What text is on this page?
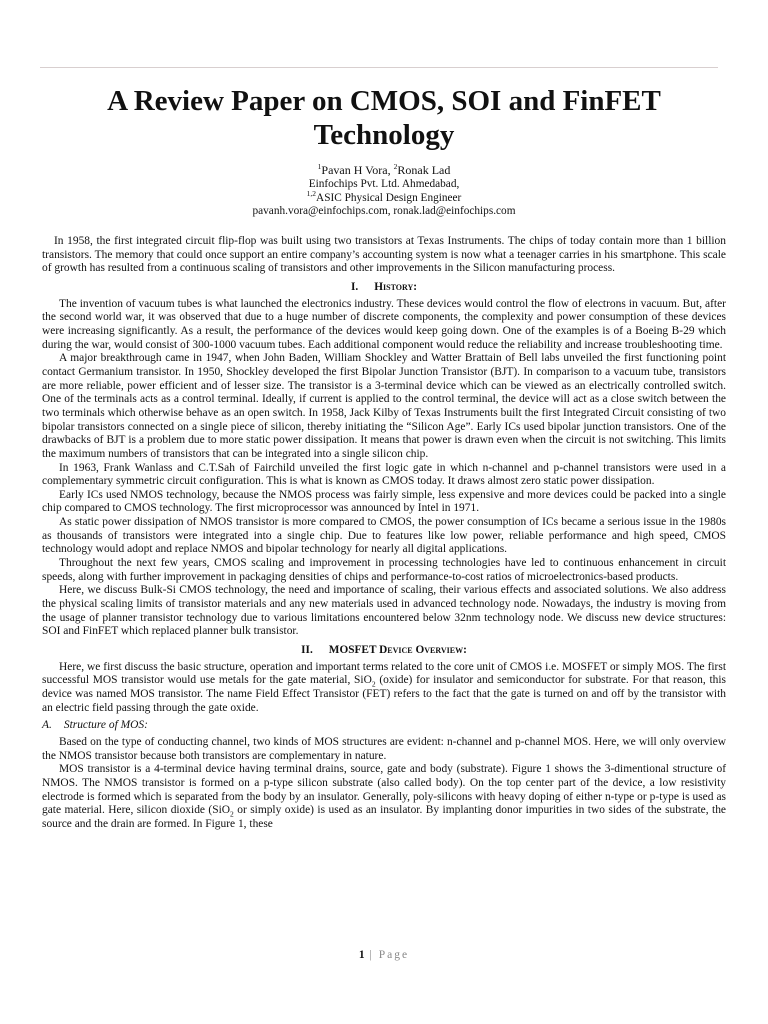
A Review Paper on CMOS, SOI and FinFET Technology
$^1$Pavan H Vora, $^2$Ronak Lad
Einfochips Pvt. Ltd. Ahmedabad,
$^{1,2}$ASIC Physical Design Engineer
pavanh.vora@einfochips.com, ronak.lad@einfochips.com

In 1958, the first integrated circuit flip-flop was built using two transistors at Texas Instruments. The chips of today contain more than 1 billion transistors. The memory that could once support an entire company’s accounting system is now what a teenager carries in his smartphone. This scale of growth has resulted from a continuous scaling of transistors and other improvements in the Silicon manufacturing process.

I. History:

The invention of vacuum tubes is what launched the electronics industry. These devices would control the flow of electrons in vacuum. But, after the second world war, it was observed that due to a huge number of discrete components, the complexity and power consumption of these devices were increasing significantly. As a result, the performance of the devices would keep going down. One of the examples is of a Boeing B-29 which during the war, would consist of 300-1000 vacuum tubes. Each additional component would reduce the reliability and increase troubleshooting time.

A major breakthrough came in 1947, when John Baden, William Shockley and Watter Brattain of Bell labs unveiled the first functioning point contact Germanium transistor. In 1950, Shockley developed the first Bipolar Junction Transistor (BJT). In comparison to a vacuum tube, transistors are more reliable, power efficient and of lesser size. The transistor is a 3-terminal device which can be viewed as an electrically controlled switch. One of the terminals acts as a control terminal. Ideally, if current is applied to the control terminal, the device will act as a close switch between the two terminals which otherwise behave as an open switch. In 1958, Jack Kilby of Texas Instruments built the first Integrated Circuit consisting of two bipolar transistors connected on a single piece of silicon, thereby initiating the “Silicon Age”. Early ICs used bipolar junction transistors. One of the drawbacks of BJT is a problem due to more static power dissipation. It means that power is drawn even when the circuit is not switching. This limits the maximum numbers of transistors that can be integrated into a single silicon chip.

In 1963, Frank Wanlass and C.T.Sah of Fairchild unveiled the first logic gate in which n-channel and p-channel transistors were used in a complementary symmetric circuit configuration. This is what is known as CMOS today. It draws almost zero static power dissipation.

Early ICs used NMOS technology, because the NMOS process was fairly simple, less expensive and more devices could be packed into a single chip compared to CMOS technology. The first microprocessor was announced by Intel in 1971.

As static power dissipation of NMOS transistor is more compared to CMOS, the power consumption of ICs became a serious issue in the 1980s as thousands of transistors were integrated into a single chip. Due to features like low power, reliable performance and high speed, CMOS technology would adopt and replace NMOS and bipolar technology for nearly all digital applications.

Throughout the next few years, CMOS scaling and improvement in processing technologies have led to continuous enhancement in circuit speeds, along with further improvement in packaging densities of chips and performance-to-cost ratios of microelectronics-based products.

Here, we discuss Bulk-Si CMOS technology, the need and importance of scaling, their various effects and associated solutions. We also address the physical scaling limits of transistor materials and any new materials used in advanced technology node. Nowadays, the industry is moving from the usage of planner transistor technology due to various limitations encountered below 32nm technology node. We discuss new device structures: SOI and FinFET which replaced planner bulk transistor.

II. MOSFET Device Overview:

Here, we first discuss the basic structure, operation and important terms related to the core unit of CMOS i.e. MOSFET or simply MOS. The first successful MOS transistor would use metals for the gate material, SiO$_2$ (oxide) for insulator and semiconductor for substrate. For that reason, this device was named MOS transistor. The name Field Effect Transistor (FET) refers to the fact that the gate is turned on and off by the transistor with an electric field passing through the gate oxide.

A. Structure of MOS:

Based on the type of conducting channel, two kinds of MOS structures are evident: n-channel and p-channel MOS. Here, we will only overview the NMOS transistor because both transistors are complementary in nature.

MOS transistor is a 4-terminal device having terminal drains, source, gate and body (substrate). Figure 1 shows the 3-dimentional structure of NMOS. The NMOS transistor is formed on a p-type silicon substrate (also called body). On the top center part of the device, a low resistivity electrode is formed which is separated from the body by an insulator. Generally, poly-silicons with heavy doping of either n-type or p-type is used as gate material. Here, silicon dioxide (SiO$_2$ or simply oxide) is used as an insulator. By implanting donor impurities in two sides of the substrate, the source and the drain are formed. In Figure 1, these

1 | Page
